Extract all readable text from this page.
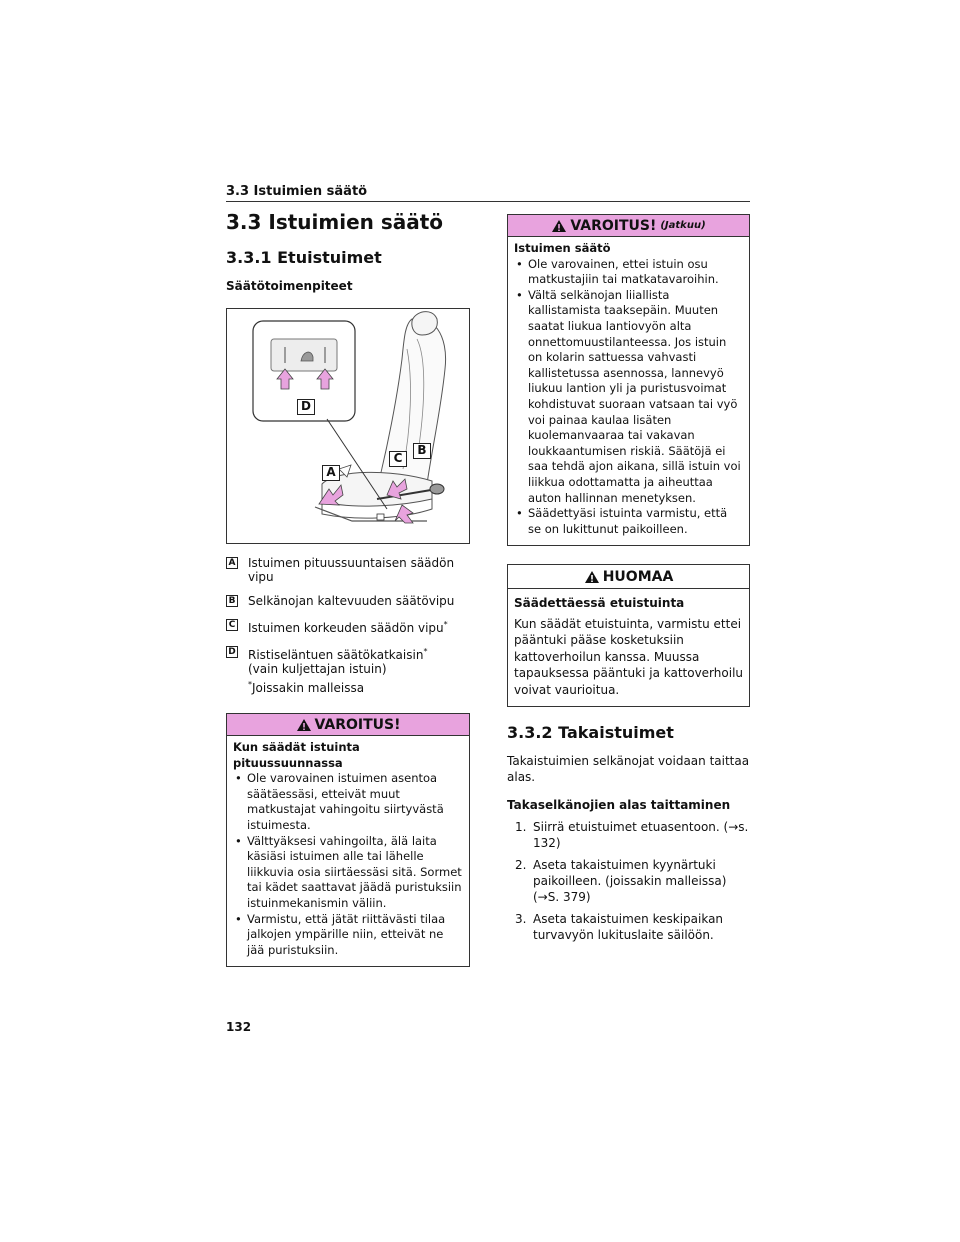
3.3 Istuimien säätö
3.3 Istuimien säätö
3.3.1 Etuistuimet
Säätötoimenpiteet
D
A
C
B
A Istuimen pituussuuntaisen säädön vipu
B Selkänojan kaltevuuden säätövipu
C Istuimen korkeuden säädön vipu*
D Ristiseläntuen säätökatkaisin*
(vain kuljettajan istuin)
*Joissakin malleissa
VAROITUS!
Kun säädät istuinta pituussuunnassa
• Ole varovainen istuimen asentoa säätäessäsi, etteivät muut matkustajat vahingoitu siirtyvästä istuimesta.
• Välttyäksesi vahingoilta, älä laita käsiäsi istuimen alle tai lähelle liikkuvia osia siirtäessäsi sitä. Sormet tai kädet saattavat jäädä puristuksiin istuinmekanismin väliin.
• Varmistu, että jätät riittävästi tilaa jalkojen ympärille niin, etteivät ne jää puristuksiin.
VAROITUS! (Jatkuu)
Istuimen säätö
• Ole varovainen, ettei istuin osu matkustajiin tai matkatavaroihin.
• Vältä selkänojan liiallista kallistamista taaksepäin. Muuten saatat liukua lantiovyön alta onnettomuustilanteessa. Jos istuin on kolarin sattuessa vahvasti kallistetussa asennossa, lannevyö liukuu lantion yli ja puristusvoimat kohdistuvat suoraan vatsaan tai vyö voi painaa kaulaa lisäten kuolemanvaaraa tai vakavan loukkaantumisen riskiä. Säätöjä ei saa tehdä ajon aikana, sillä istuin voi liikkua odottamatta ja aiheuttaa auton hallinnan menetyksen.
• Säädettyäsi istuinta varmistu, että se on lukittunut paikoilleen.
HUOMAA
Säädettäessä etuistuinta
Kun säädät etuistuinta, varmistu ettei pääntuki pääse kosketuksiin kattoverhoilun kanssa. Muussa tapauksessa pääntuki ja kattoverhoilu voivat vaurioitua.
3.3.2 Takaistuimet

Takaistuimien selkänojat voidaan taittaa alas.

Takaselkänojien alas taittaminen
1. Siirrä etuistuimet etuasentoon. (→s. 132)
2. Aseta takaistuimen kyynärtuki paikoilleen. (joissakin malleissa) (→S. 379)
3. Aseta takaistuimen keskipaikan turvavyön lukituslaite säilöön.
132
